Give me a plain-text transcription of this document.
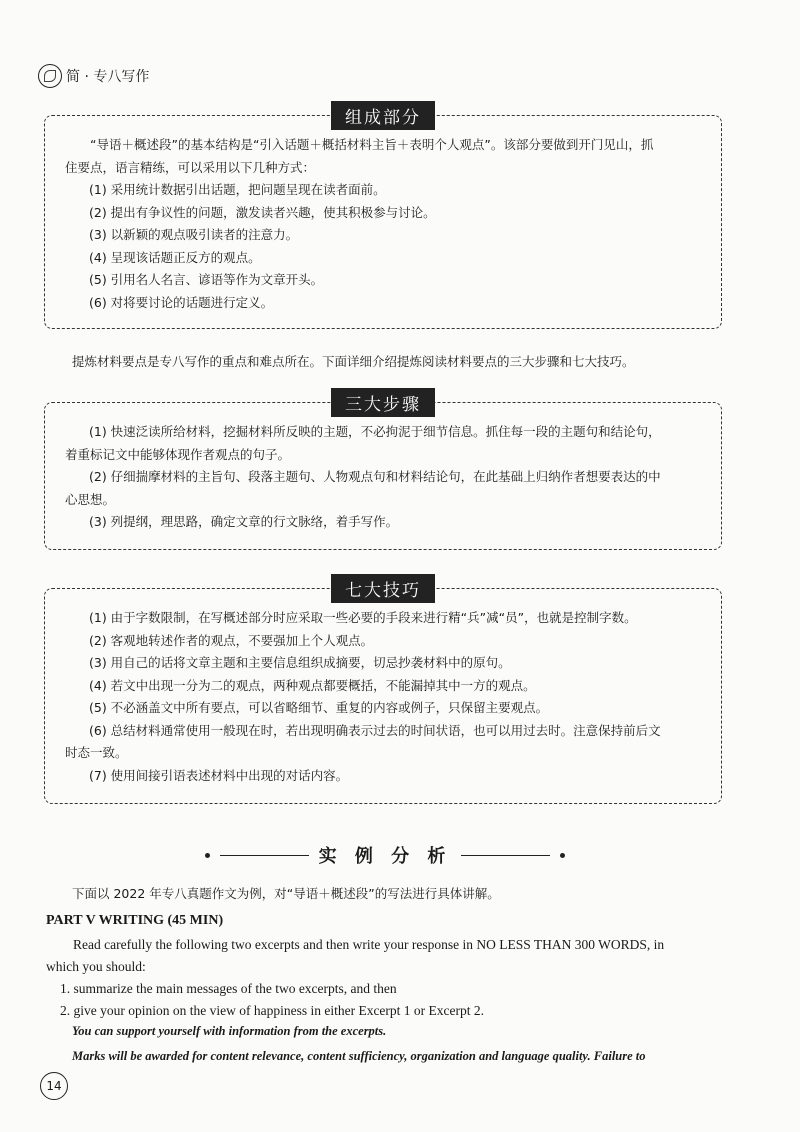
简 · 专八写作
组成部分

“导语＋概述段”的基本结构是“引入话题＋概括材料主旨＋表明个人观点”。该部分要做到开门见山，抓

住要点，语言精练，可以采用以下几种方式：

(1) 采用统计数据引出话题，把问题呈现在读者面前。

(2) 提出有争议性的问题，激发读者兴趣，使其积极参与讨论。

(3) 以新颖的观点吸引读者的注意力。

(4) 呈现该话题正反方的观点。

(5) 引用名人名言、谚语等作为文章开头。

(6) 对将要讨论的话题进行定义。

提炼材料要点是专八写作的重点和难点所在。下面详细介绍提炼阅读材料要点的三大步骤和七大技巧。
三大步骤

(1) 快速泛读所给材料，挖掘材料所反映的主题，不必拘泥于细节信息。抓住每一段的主题句和结论句，

着重标记文中能够体现作者观点的句子。

(2) 仔细揣摩材料的主旨句、段落主题句、人物观点句和材料结论句，在此基础上归纳作者想要表达的中

心思想。

(3) 列提纲，理思路，确定文章的行文脉络，着手写作。

七大技巧

(1) 由于字数限制，在写概述部分时应采取一些必要的手段来进行精“兵”减“员”，也就是控制字数。

(2) 客观地转述作者的观点，不要强加上个人观点。

(3) 用自己的话将文章主题和主要信息组织成摘要，切忌抄袭材料中的原句。

(4) 若文中出现一分为二的观点，两种观点都要概括，不能漏掉其中一方的观点。

(5) 不必涵盖文中所有要点，可以省略细节、重复的内容或例子，只保留主要观点。

(6) 总结材料通常使用一般现在时，若出现明确表示过去的时间状语，也可以用过去时。注意保持前后文

时态一致。

(7) 使用间接引语表述材料中出现的对话内容。

实 例 分 析
下面以 2022 年专八真题作文为例，对“导语＋概述段”的写法进行具体讲解。
PART V WRITING (45 MIN)
Read carefully the following two excerpts and then write your response in NO LESS THAN 300 WORDS, in
which you should:
1. summarize the main messages of the two excerpts, and then
2. give your opinion on the view of happiness in either Excerpt 1 or Excerpt 2.
You can support yourself with information from the excerpts.
Marks will be awarded for content relevance, content sufficiency, organization and language quality. Failure to
14
